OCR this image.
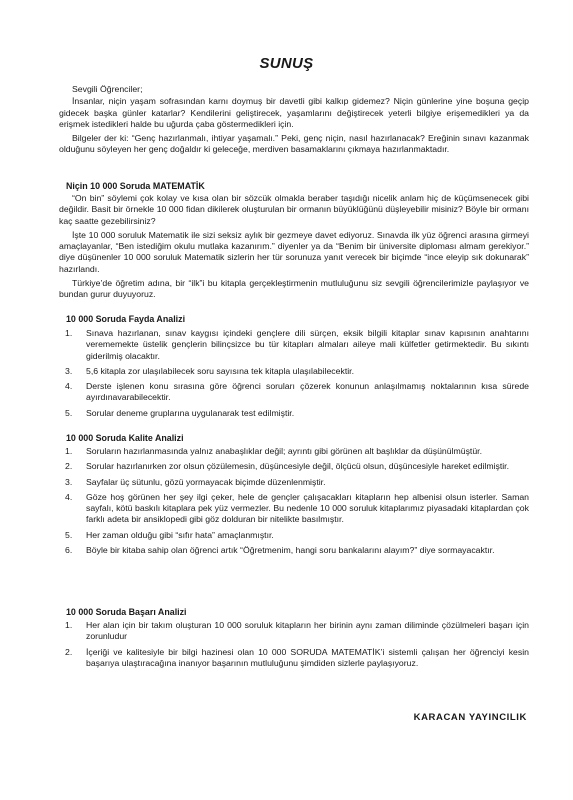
SUNUŞ

Sevgili Öğrenciler;

İnsanlar, niçin yaşam sofrasından karnı doymuş bir davetli gibi kalkıp gidemez? Niçin günlerine yine boşuna geçip gidecek başka günler katarlar? Kendilerini geliştirecek, yaşamlarını değiştirecek yeterli bilgiye erişemedikleri ya da erişmek istedikleri halde bu uğurda çaba göstermedikleri için.

Bilgeler der ki: “Genç hazırlanmalı, ihtiyar yaşamalı.” Peki, genç niçin, nasıl hazırlanacak? Ereğinin sınavı kazanmak olduğunu söyleyen her genç doğaldır ki geleceğe, merdiven basamaklarını çıkmaya hazırlanmaktadır.

Niçin 10 000 Soruda MATEMATİK

“On bin” söylemi çok kolay ve kısa olan bir sözcük olmakla beraber taşıdığı nicelik anlam hiç de küçümsenecek gibi değildir. Basit bir örnekle 10 000 fidan dikilerek oluşturulan bir ormanın büyüklüğünü düşleyebilir misiniz? Böyle bir ormanı kaç saatte gezebilirsiniz?

İşte 10 000 soruluk Matematik ile sizi seksiz aylık bir gezmeye davet ediyoruz. Sınavda ilk yüz öğrenci arasına girmeyi amaçlayanlar, “Ben istediğim okulu mutlaka kazanırım.” diyenler ya da “Benim bir üniversite diploması almam gerekiyor.” diye düşünenler 10 000 soruluk Matematik sizlerin her tür sorunuza yanıt verecek bir biçimde “ince eleyip sık dokunarak” hazırlandı.

Türkiye’de öğretim adına, bir “ilk”i bu kitapla gerçekleştirmenin mutluluğunu siz sevgili öğrencilerimizle paylaşıyor ve bundan gurur duyuyoruz.

10 000 Soruda Fayda Analizi
1. Sınava hazırlanan, sınav kaygısı içindeki gençlere dili sürçen, eksik bilgili kitaplar sınav kapısının anahtarını verememekte üstelik gençlerin bilinçsizce bu tür kitapları almaları aileye mali külfetler getirmektedir. Bu sıkıntı giderilmiş olacaktır.
3. 5,6 kitapla zor ulaşılabilecek soru sayısına tek kitapla ulaşılabilecektir.
4. Derste işlenen konu sırasına göre öğrenci soruları çözerek konunun anlaşılmamış noktalarının kısa sürede ayırdınavarabilecektir.
5. Sorular deneme gruplarına uygulanarak test edilmiştir.
10 000 Soruda Kalite Analizi
1. Soruların hazırlanmasında yalnız anabaşlıklar değil; ayrıntı gibi görünen alt başlıklar da düşünülmüştür.
2. Sorular hazırlanırken zor olsun çözülemesin, düşüncesiyle değil, ölçücü olsun, düşüncesiyle hareket edilmiştir.
3. Sayfalar üç sütunlu, gözü yormayacak biçimde düzenlenmiştir.
4. Göze hoş görünen her şey ilgi çeker, hele de gençler çalışacakları kitapların hep albenisi olsun isterler. Saman sayfalı, kötü baskılı kitaplara pek yüz vermezler. Bu nedenle 10 000 soruluk kitaplarımız piyasadaki kitaplardan çok farklı adeta bir ansiklopedi gibi göz dolduran bir nitelikte basılmıştır.
5. Her zaman olduğu gibi “sıfır hata” amaçlanmıştır.
6. Böyle bir kitaba sahip olan öğrenci artık “Öğretmenim, hangi soru bankalarını alayım?” diye sormayacaktır.
10 000 Soruda Başarı Analizi
1. Her alan için bir takım oluşturan 10 000 soruluk kitapların her birinin aynı zaman diliminde çözülmeleri başarı için zorunludur
2. İçeriği ve kalitesiyle bir bilgi hazinesi olan 10 000 SORUDA MATEMATİK’i sistemli çalışan her öğrenciyi kesin başarıya ulaştıracağına inanıyor başarının mutluluğunu şimdiden sizlerle paylaşıyoruz.
KARACAN YAYINCILIK
